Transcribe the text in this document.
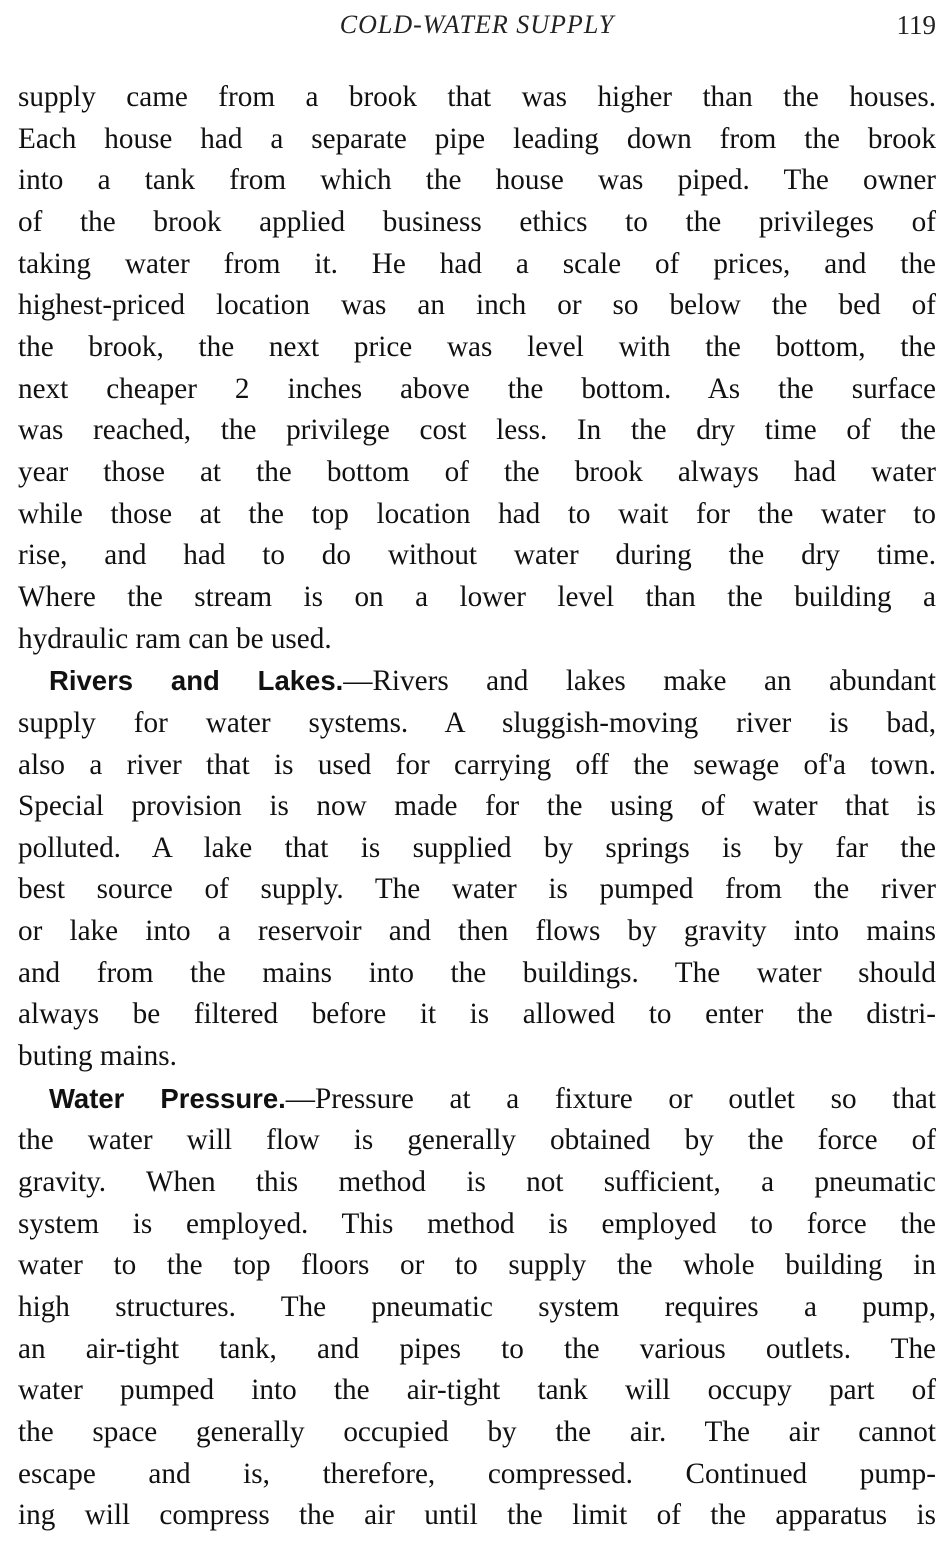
COLD-WATER SUPPLY	119
supply came from a brook that was higher than the houses.
Each house had a separate pipe leading down from the brook
into a tank from which the house was piped. The owner
of the brook applied business ethics to the privileges of
taking water from it. He had a scale of prices, and the
highest-priced location was an inch or so below the bed of
the brook, the next price was level with the bottom, the
next cheaper 2 inches above the bottom. As the surface
was reached, the privilege cost less. In the dry time of the
year those at the bottom of the brook always had water
while those at the top location had to wait for the water to
rise, and had to do without water during the dry time.
Where the stream is on a lower level than the building a
hydraulic ram can be used.
Rivers and Lakes.—Rivers and lakes make an abundant
supply for water systems. A sluggish-moving river is bad,
also a river that is used for carrying off the sewage of'a town.
Special provision is now made for the using of water that is
polluted. A lake that is supplied by springs is by far the
best source of supply. The water is pumped from the river
or lake into a reservoir and then flows by gravity into mains
and from the mains into the buildings. The water should
always be filtered before it is allowed to enter the distri-
buting mains.
Water Pressure.—Pressure at a fixture or outlet so that
the water will flow is generally obtained by the force of
gravity. When this method is not sufficient, a pneumatic
system is employed. This method is employed to force the
water to the top floors or to supply the whole building in
high structures. The pneumatic system requires a pump,
an air-tight tank, and pipes to the various outlets. The
water pumped into the air-tight tank will occupy part of
the space generally occupied by the air. The air cannot
escape and is, therefore, compressed. Continued pump-
ing will compress the air until the limit of the apparatus is
